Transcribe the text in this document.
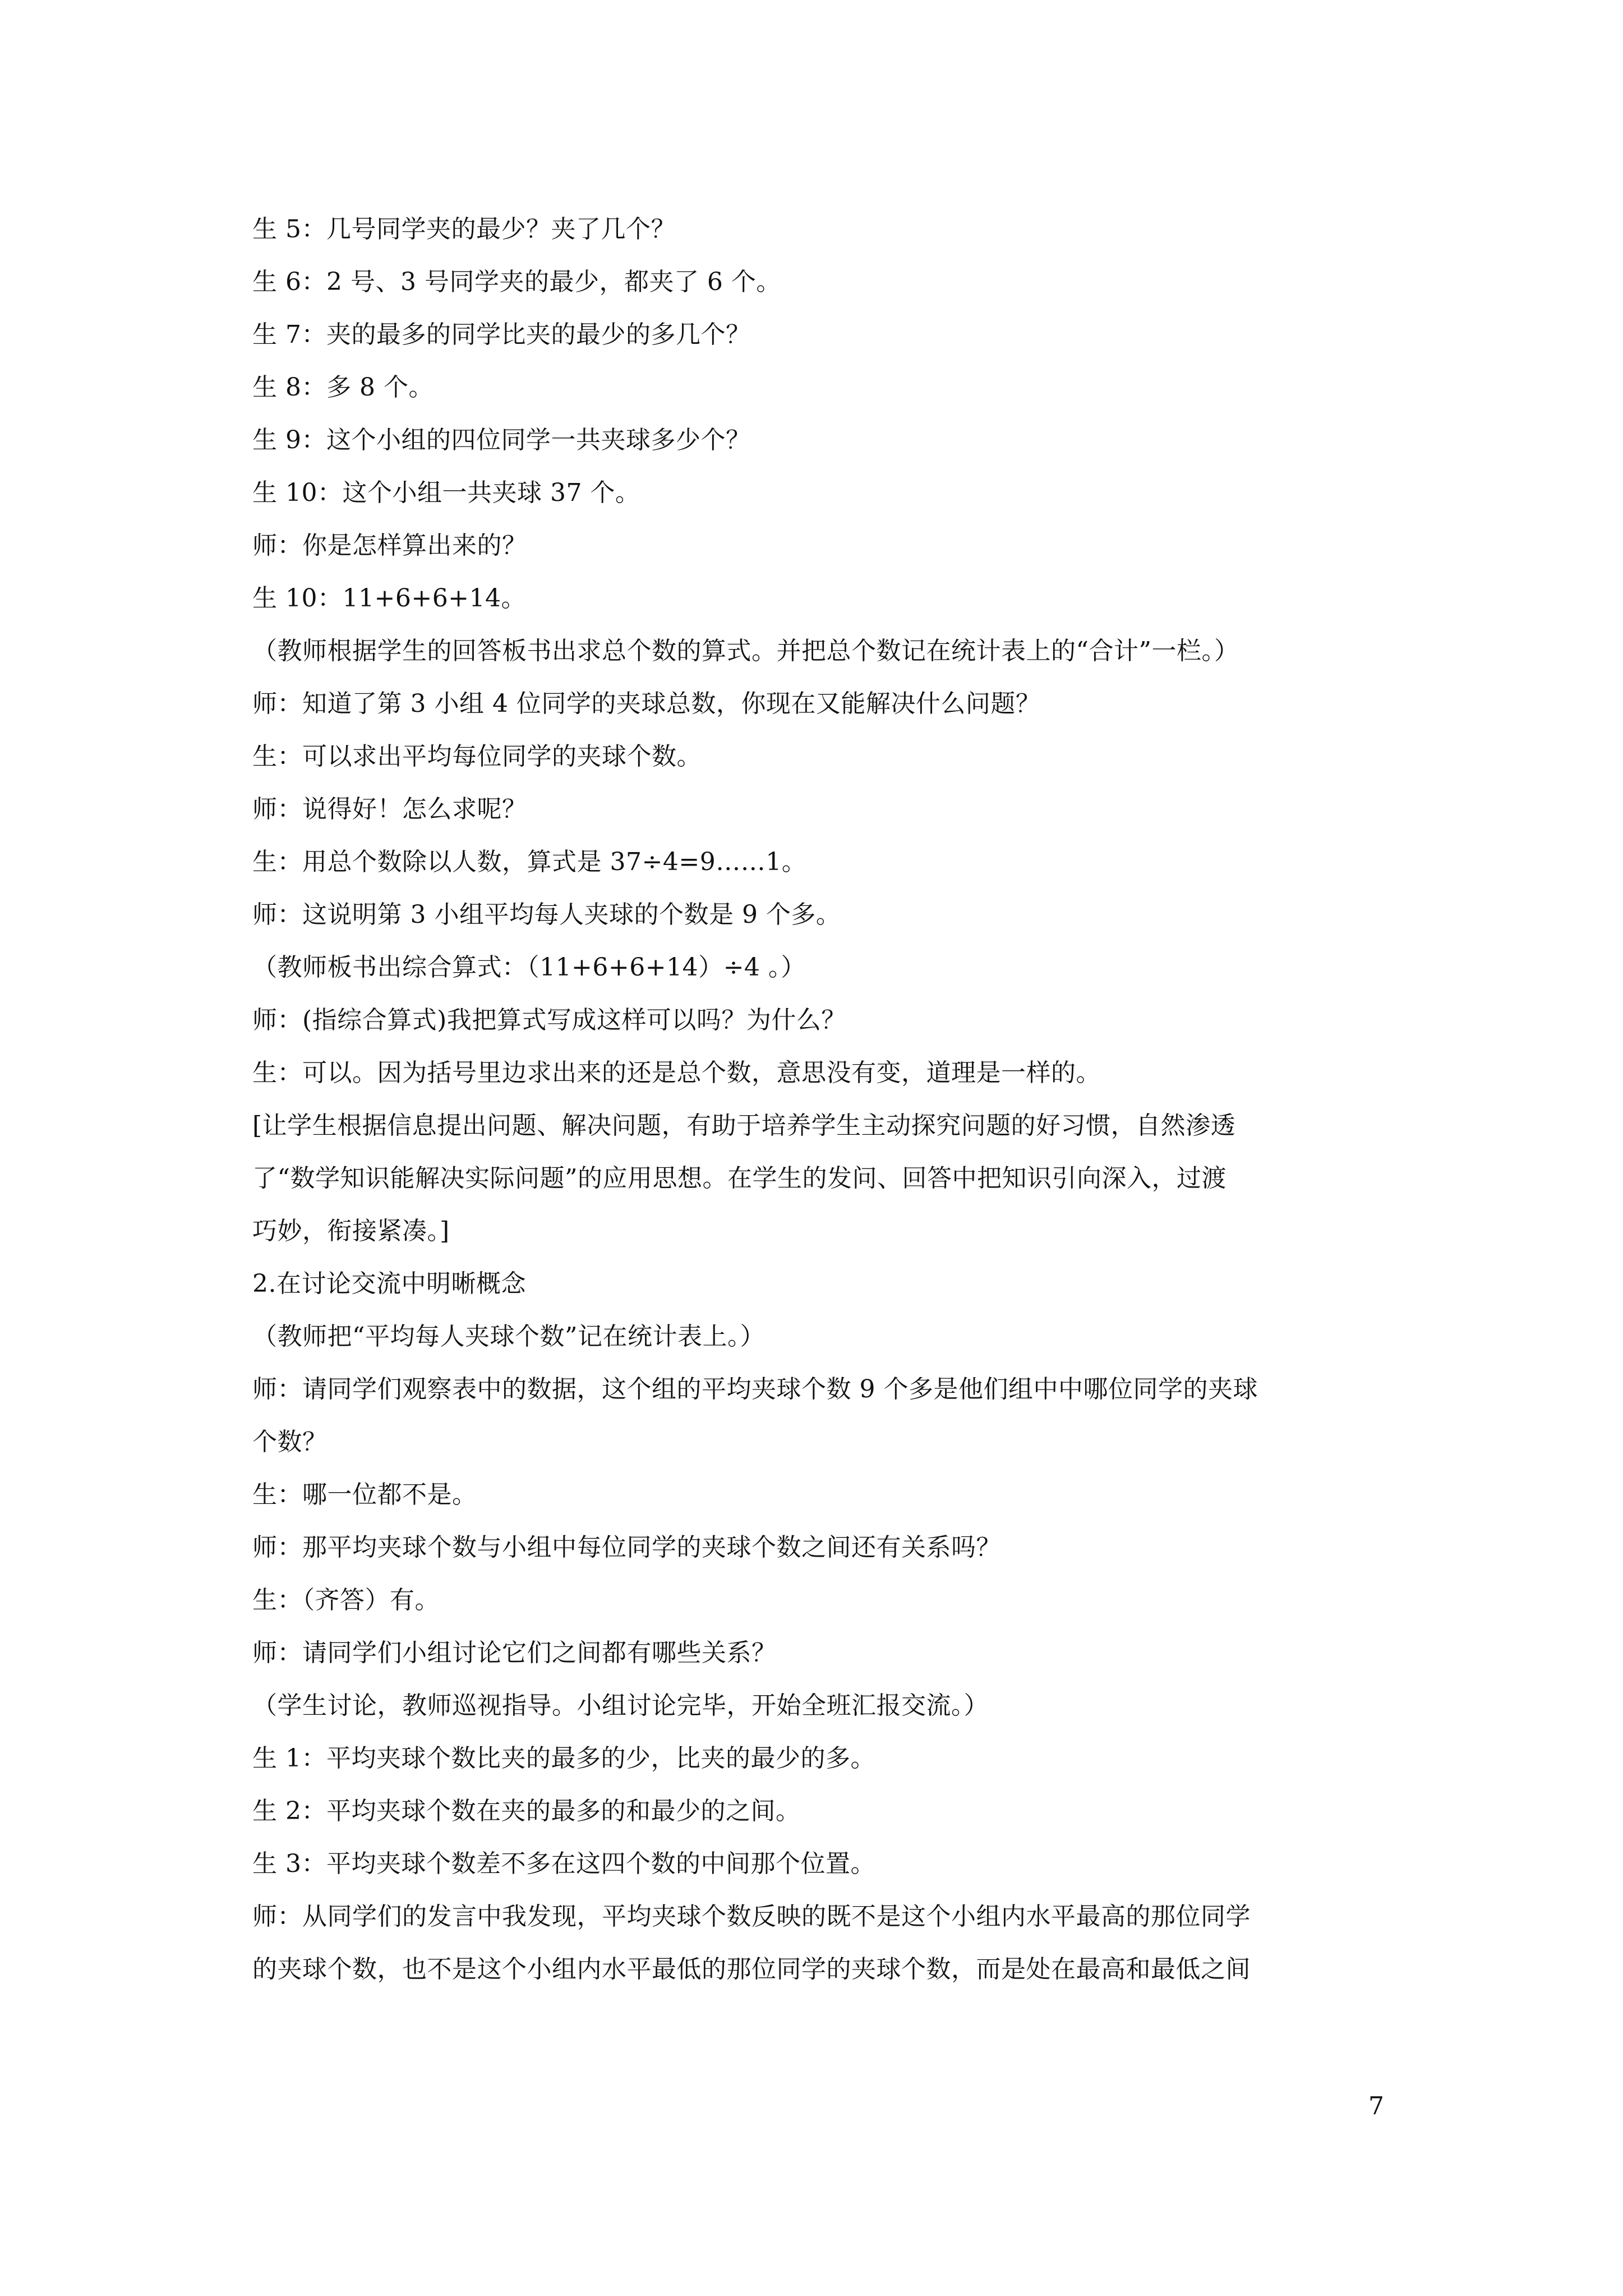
生 5：几号同学夹的最少？夹了几个？
生 6：2 号、3 号同学夹的最少，都夹了 6 个。
生 7：夹的最多的同学比夹的最少的多几个？
生 8：多 8 个。
生 9：这个小组的四位同学一共夹球多少个？
生 10：这个小组一共夹球 37 个。
师：你是怎样算出来的？
生 10：11+6+6+14。
（教师根据学生的回答板书出求总个数的算式。并把总个数记在统计表上的“合计”一栏。）
师：知道了第 3 小组 4 位同学的夹球总数，你现在又能解决什么问题？
生：可以求出平均每位同学的夹球个数。
师：说得好！怎么求呢？
生：用总个数除以人数，算式是 37÷4=9……1。
师：这说明第 3 小组平均每人夹球的个数是 9 个多。
（教师板书出综合算式：（11+6+6+14）÷4 。）
师：(指综合算式)我把算式写成这样可以吗？为什么？
生：可以。因为括号里边求出来的还是总个数，意思没有变，道理是一样的。
[让学生根据信息提出问题、解决问题，有助于培养学生主动探究问题的好习惯，自然渗透
了“数学知识能解决实际问题”的应用思想。在学生的发问、回答中把知识引向深入，过渡
巧妙，衔接紧凑。]
2.在讨论交流中明晰概念
（教师把“平均每人夹球个数”记在统计表上。）
师：请同学们观察表中的数据，这个组的平均夹球个数 9 个多是他们组中中哪位同学的夹球
个数？
生：哪一位都不是。
师：那平均夹球个数与小组中每位同学的夹球个数之间还有关系吗？
生：（齐答）有。
师：请同学们小组讨论它们之间都有哪些关系？
（学生讨论，教师巡视指导。小组讨论完毕，开始全班汇报交流。）
生 1：平均夹球个数比夹的最多的少，比夹的最少的多。
生 2：平均夹球个数在夹的最多的和最少的之间。
生 3：平均夹球个数差不多在这四个数的中间那个位置。
师：从同学们的发言中我发现，平均夹球个数反映的既不是这个小组内水平最高的那位同学
的夹球个数，也不是这个小组内水平最低的那位同学的夹球个数，而是处在最高和最低之间
7
